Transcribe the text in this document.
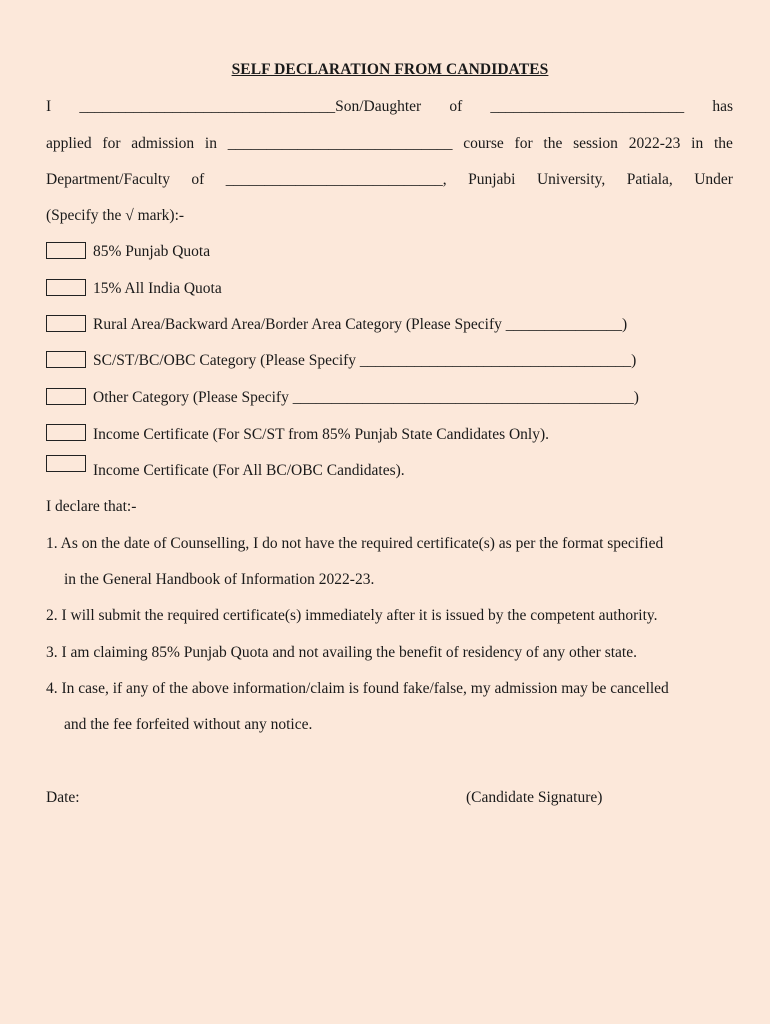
SELF DECLARATION FROM CANDIDATES
I _________________________________Son/Daughter of _________________________ has
applied for admission in _____________________________ course for the session 2022-23 in the
Department/Faculty of ____________________________, Punjabi University, Patiala, Under
(Specify the √ mark):-
85% Punjab Quota
15% All India Quota
Rural Area/Backward Area/Border Area Category (Please Specify _______________)
SC/ST/BC/OBC Category (Please Specify ___________________________________)
Other Category (Please Specify ____________________________________________)
Income Certificate (For SC/ST from 85% Punjab State Candidates Only).
Income Certificate (For All BC/OBC Candidates).
I declare that:-
1. As on the date of Counselling, I do not have the required certificate(s) as per the format specified
in the General Handbook of Information 2022-23.
2. I will submit the required certificate(s) immediately after it is issued by the competent authority.
3. I am claiming 85% Punjab Quota and not availing the benefit of residency of any other state.
4. In case, if any of the above information/claim is found fake/false, my admission may be cancelled
and the fee forfeited without any notice.
Date:	(Candidate Signature)
